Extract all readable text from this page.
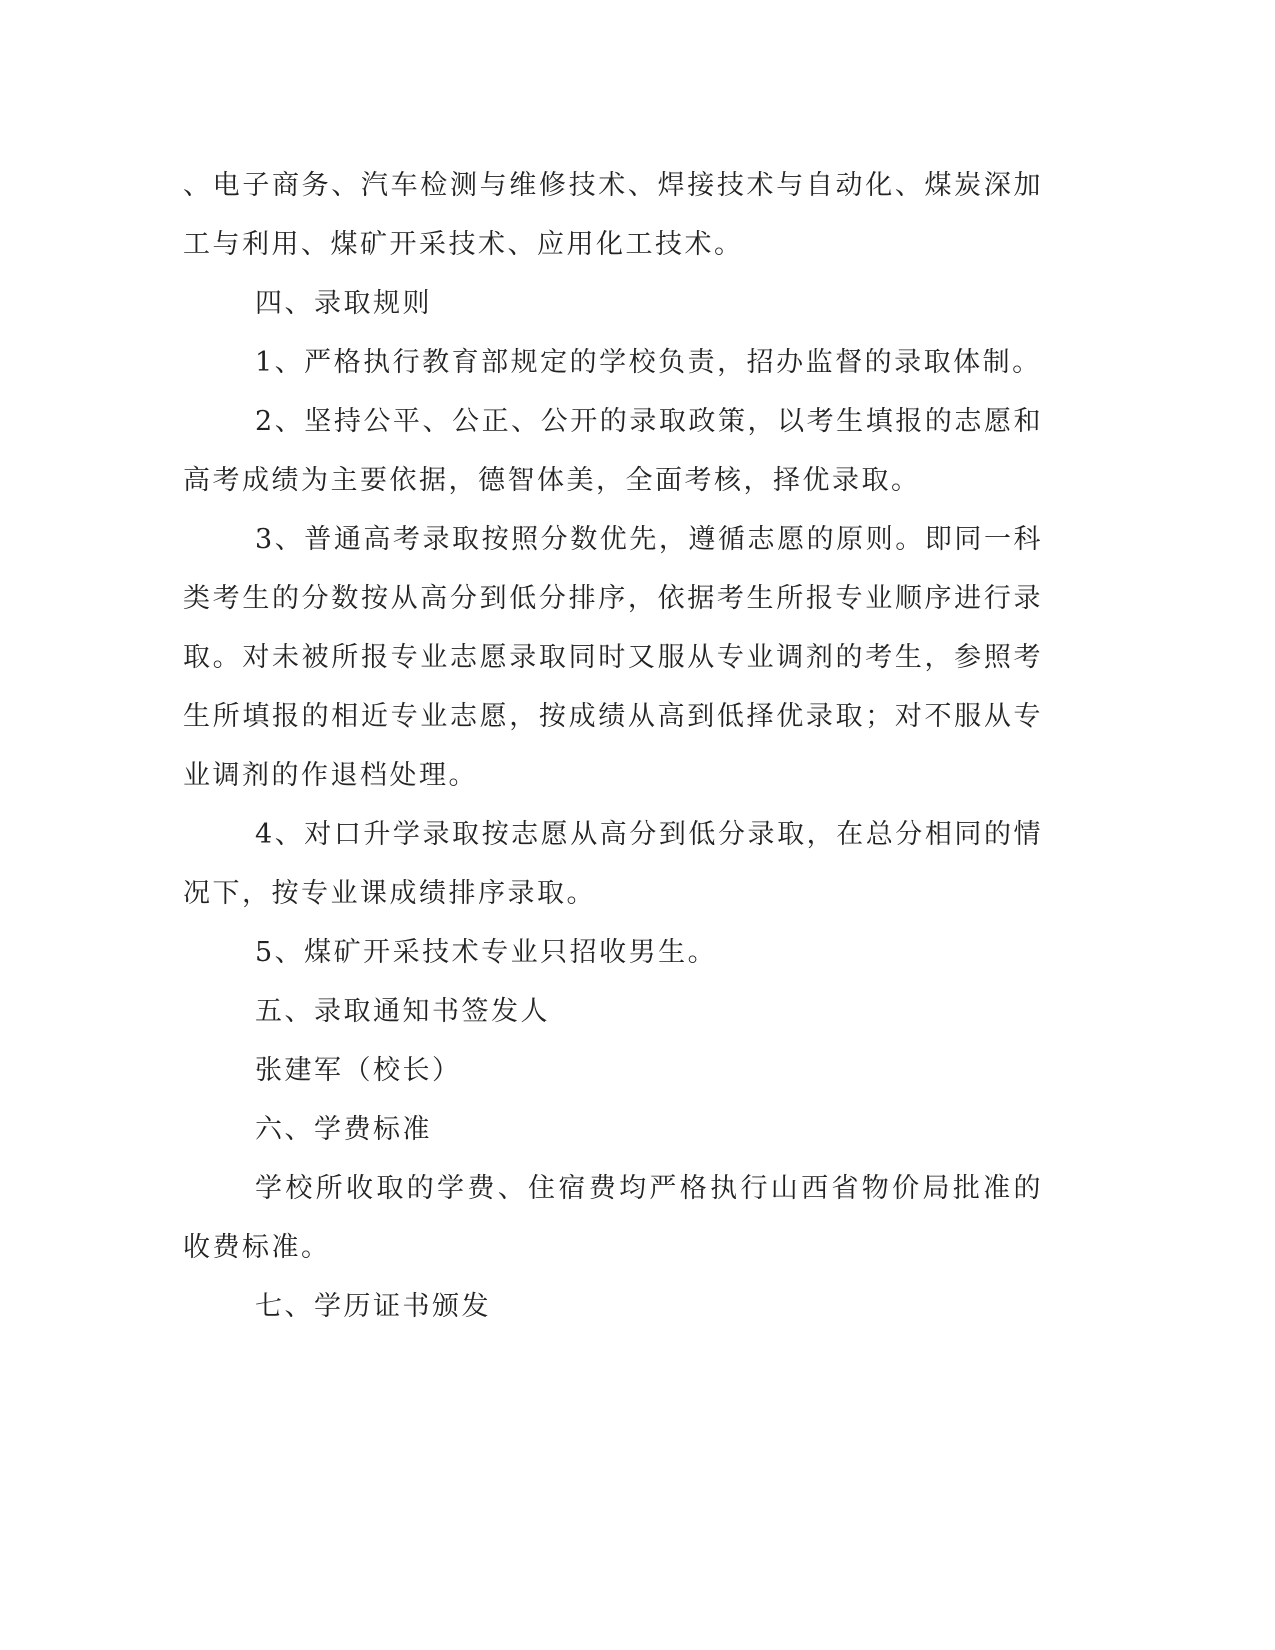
、电子商务、汽车检测与维修技术、焊接技术与自动化、煤炭深加工与利用、煤矿开采技术、应用化工技术。

四、录取规则

1、严格执行教育部规定的学校负责，招办监督的录取体制。

2、坚持公平、公正、公开的录取政策，以考生填报的志愿和高考成绩为主要依据，德智体美，全面考核，择优录取。

3、普通高考录取按照分数优先，遵循志愿的原则。即同一科类考生的分数按从高分到低分排序，依据考生所报专业顺序进行录取。对未被所报专业志愿录取同时又服从专业调剂的考生，参照考生所填报的相近专业志愿，按成绩从高到低择优录取；对不服从专业调剂的作退档处理。

4、对口升学录取按志愿从高分到低分录取，在总分相同的情况下，按专业课成绩排序录取。

5、煤矿开采技术专业只招收男生。

五、录取通知书签发人

张建军（校长）

六、学费标准

学校所收取的学费、住宿费均严格执行山西省物价局批准的收费标准。

七、学历证书颁发
